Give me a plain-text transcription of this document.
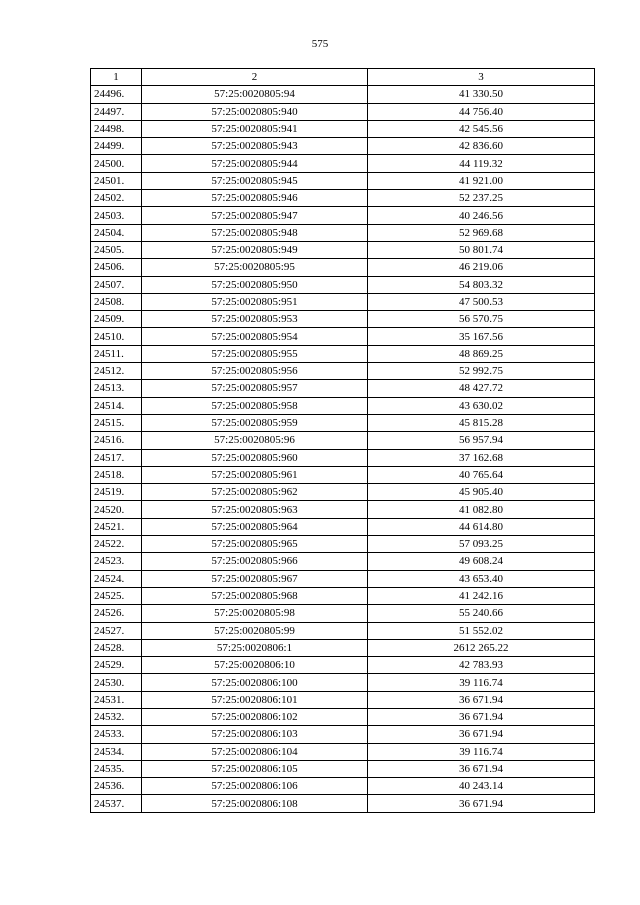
575
1	2	3
24496.	57:25:0020805:94	41 330.50
24497.	57:25:0020805:940	44 756.40
24498.	57:25:0020805:941	42 545.56
24499.	57:25:0020805:943	42 836.60
24500.	57:25:0020805:944	44 119.32
24501.	57:25:0020805:945	41 921.00
24502.	57:25:0020805:946	52 237.25
24503.	57:25:0020805:947	40 246.56
24504.	57:25:0020805:948	52 969.68
24505.	57:25:0020805:949	50 801.74
24506.	57:25:0020805:95	46 219.06
24507.	57:25:0020805:950	54 803.32
24508.	57:25:0020805:951	47 500.53
24509.	57:25:0020805:953	56 570.75
24510.	57:25:0020805:954	35 167.56
24511.	57:25:0020805:955	48 869.25
24512.	57:25:0020805:956	52 992.75
24513.	57:25:0020805:957	48 427.72
24514.	57:25:0020805:958	43 630.02
24515.	57:25:0020805:959	45 815.28
24516.	57:25:0020805:96	56 957.94
24517.	57:25:0020805:960	37 162.68
24518.	57:25:0020805:961	40 765.64
24519.	57:25:0020805:962	45 905.40
24520.	57:25:0020805:963	41 082.80
24521.	57:25:0020805:964	44 614.80
24522.	57:25:0020805:965	57 093.25
24523.	57:25:0020805:966	49 608.24
24524.	57:25:0020805:967	43 653.40
24525.	57:25:0020805:968	41 242.16
24526.	57:25:0020805:98	55 240.66
24527.	57:25:0020805:99	51 552.02
24528.	57:25:0020806:1	2612 265.22
24529.	57:25:0020806:10	42 783.93
24530.	57:25:0020806:100	39 116.74
24531.	57:25:0020806:101	36 671.94
24532.	57:25:0020806:102	36 671.94
24533.	57:25:0020806:103	36 671.94
24534.	57:25:0020806:104	39 116.74
24535.	57:25:0020806:105	36 671.94
24536.	57:25:0020806:106	40 243.14
24537.	57:25:0020806:108	36 671.94
